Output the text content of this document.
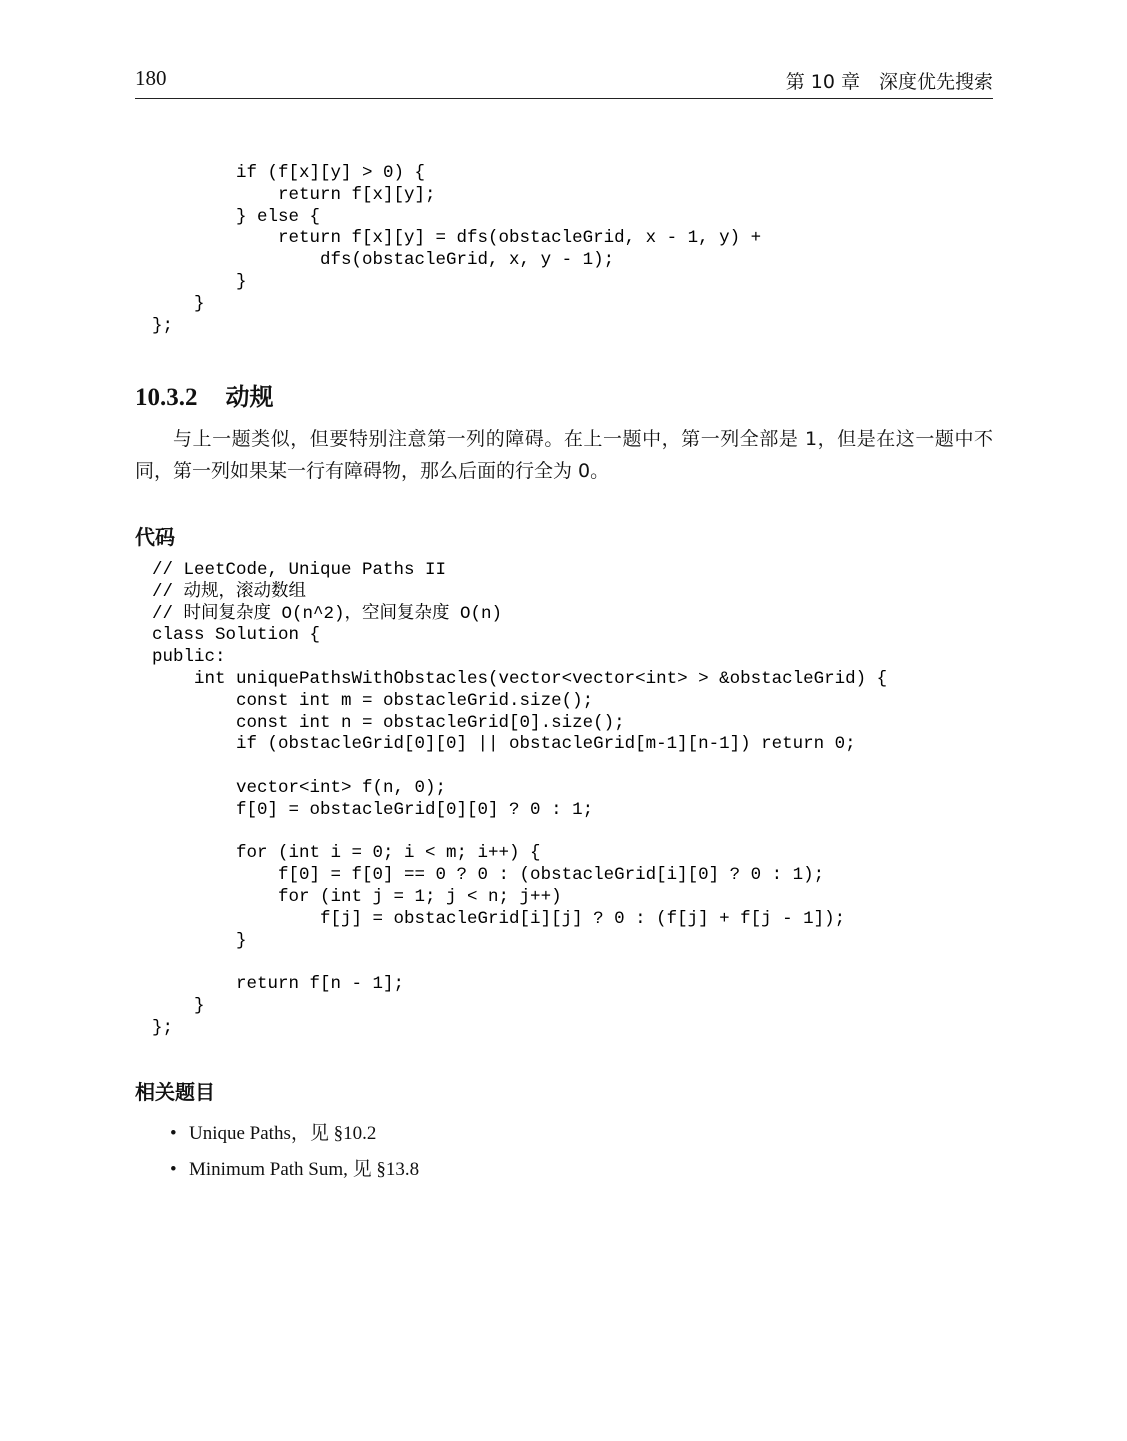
180	第 10 章　深度优先搜索
if (f[x][y] > 0) {
return f[x][y];
} else {
return f[x][y] = dfs(obstacleGrid, x - 1, y) +
dfs(obstacleGrid, x, y - 1);
}
}
};
10.3.2 动规
与上一题类似，但要特别注意第一列的障碍。在上一题中，第一列全部是 1，但是在这一题中不同，第一列如果某一行有障碍物，那么后面的行全为 0。
代码
// LeetCode, Unique Paths II
// 动规，滚动数组
// 时间复杂度 O(n^2)，空间复杂度 O(n)
class Solution {
public:
int uniquePathsWithObstacles(vector<vector<int> > &obstacleGrid) {
const int m = obstacleGrid.size();
const int n = obstacleGrid[0].size();
if (obstacleGrid[0][0] || obstacleGrid[m-1][n-1]) return 0;

vector<int> f(n, 0);
f[0] = obstacleGrid[0][0] ? 0 : 1;

for (int i = 0; i < m; i++) {
f[0] = f[0] == 0 ? 0 : (obstacleGrid[i][0] ? 0 : 1);
for (int j = 1; j < n; j++)
f[j] = obstacleGrid[i][j] ? 0 : (f[j] + f[j - 1]);
}

return f[n - 1];
}
};
相关题目
• Unique Paths，见 §10.2
• Minimum Path Sum, 见 §13.8
